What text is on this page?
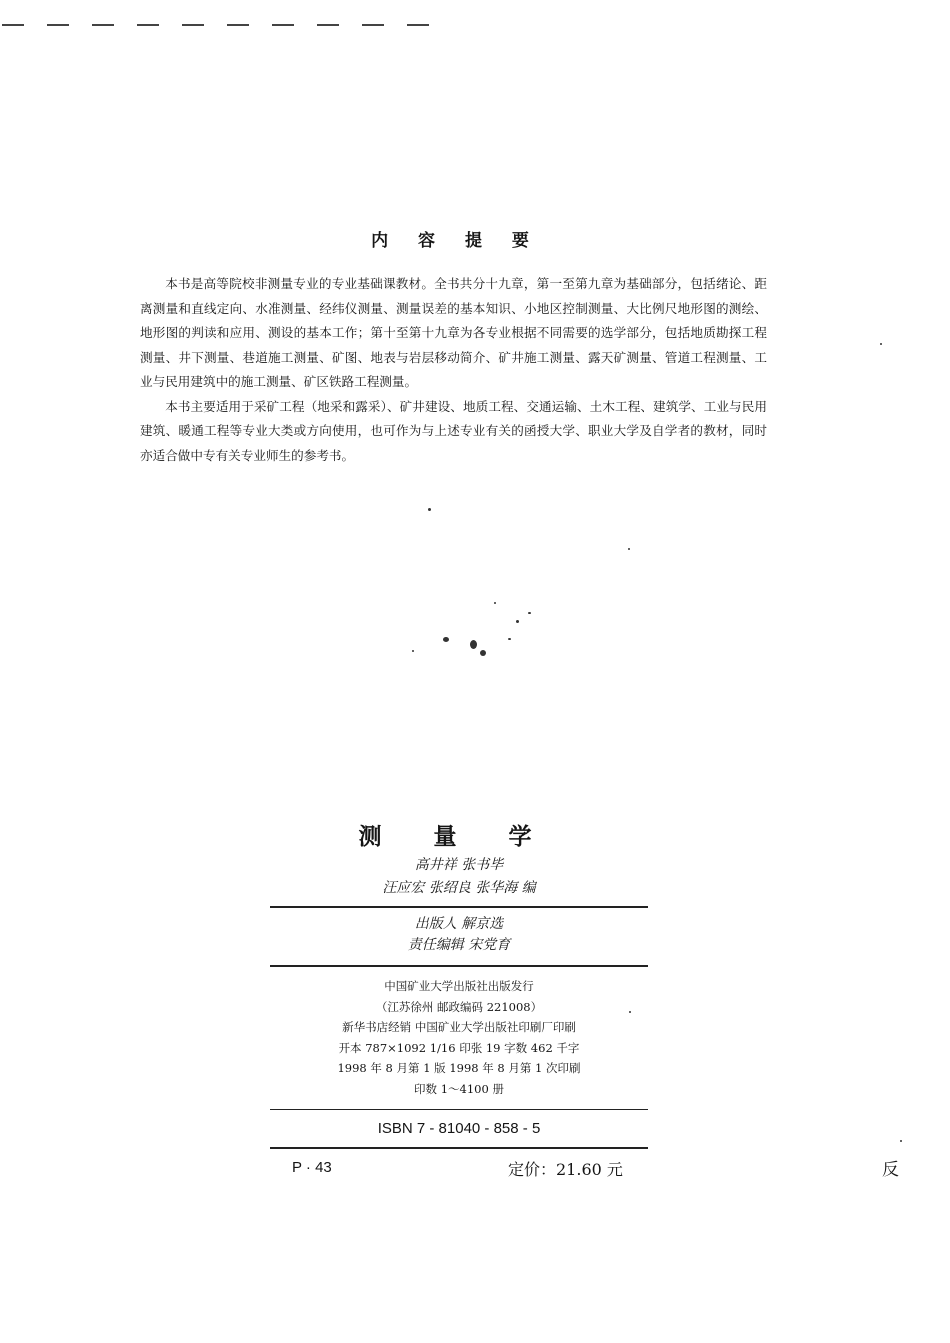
内 容 提 要

本书是高等院校非测量专业的专业基础课教材。全书共分十九章，第一至第九章为基础部分，包括绪论、距离测量和直线定向、水准测量、经纬仪测量、测量误差的基本知识、小地区控制测量、大比例尺地形图的测绘、地形图的判读和应用、测设的基本工作；第十至第十九章为各专业根据不同需要的选学部分，包括地质勘探工程测量、井下测量、巷道施工测量、矿图、地表与岩层移动简介、矿井施工测量、露天矿测量、管道工程测量、工业与民用建筑中的施工测量、矿区铁路工程测量。

本书主要适用于采矿工程（地采和露采）、矿井建设、地质工程、交通运输、土木工程、建筑学、工业与民用建筑、暖通工程等专业大类或方向使用，也可作为与上述专业有关的函授大学、职业大学及自学者的教材，同时亦适合做中专有关专业师生的参考书。

测 量 学
高井祥 张书毕
汪应宏 张绍良 张华海 编
出版人 解京选
责任编辑 宋党育
中国矿业大学出版社出版发行
（江苏徐州 邮政编码 221008）
新华书店经销 中国矿业大学出版社印刷厂印刷
开本 787×1092 1/16 印张 19 字数 462 千字
1998 年 8 月第 1 版 1998 年 8 月第 1 次印刷
印数 1～4100 册
ISBN 7 - 81040 - 858 - 5
P · 43	定价：21.60 元	反
